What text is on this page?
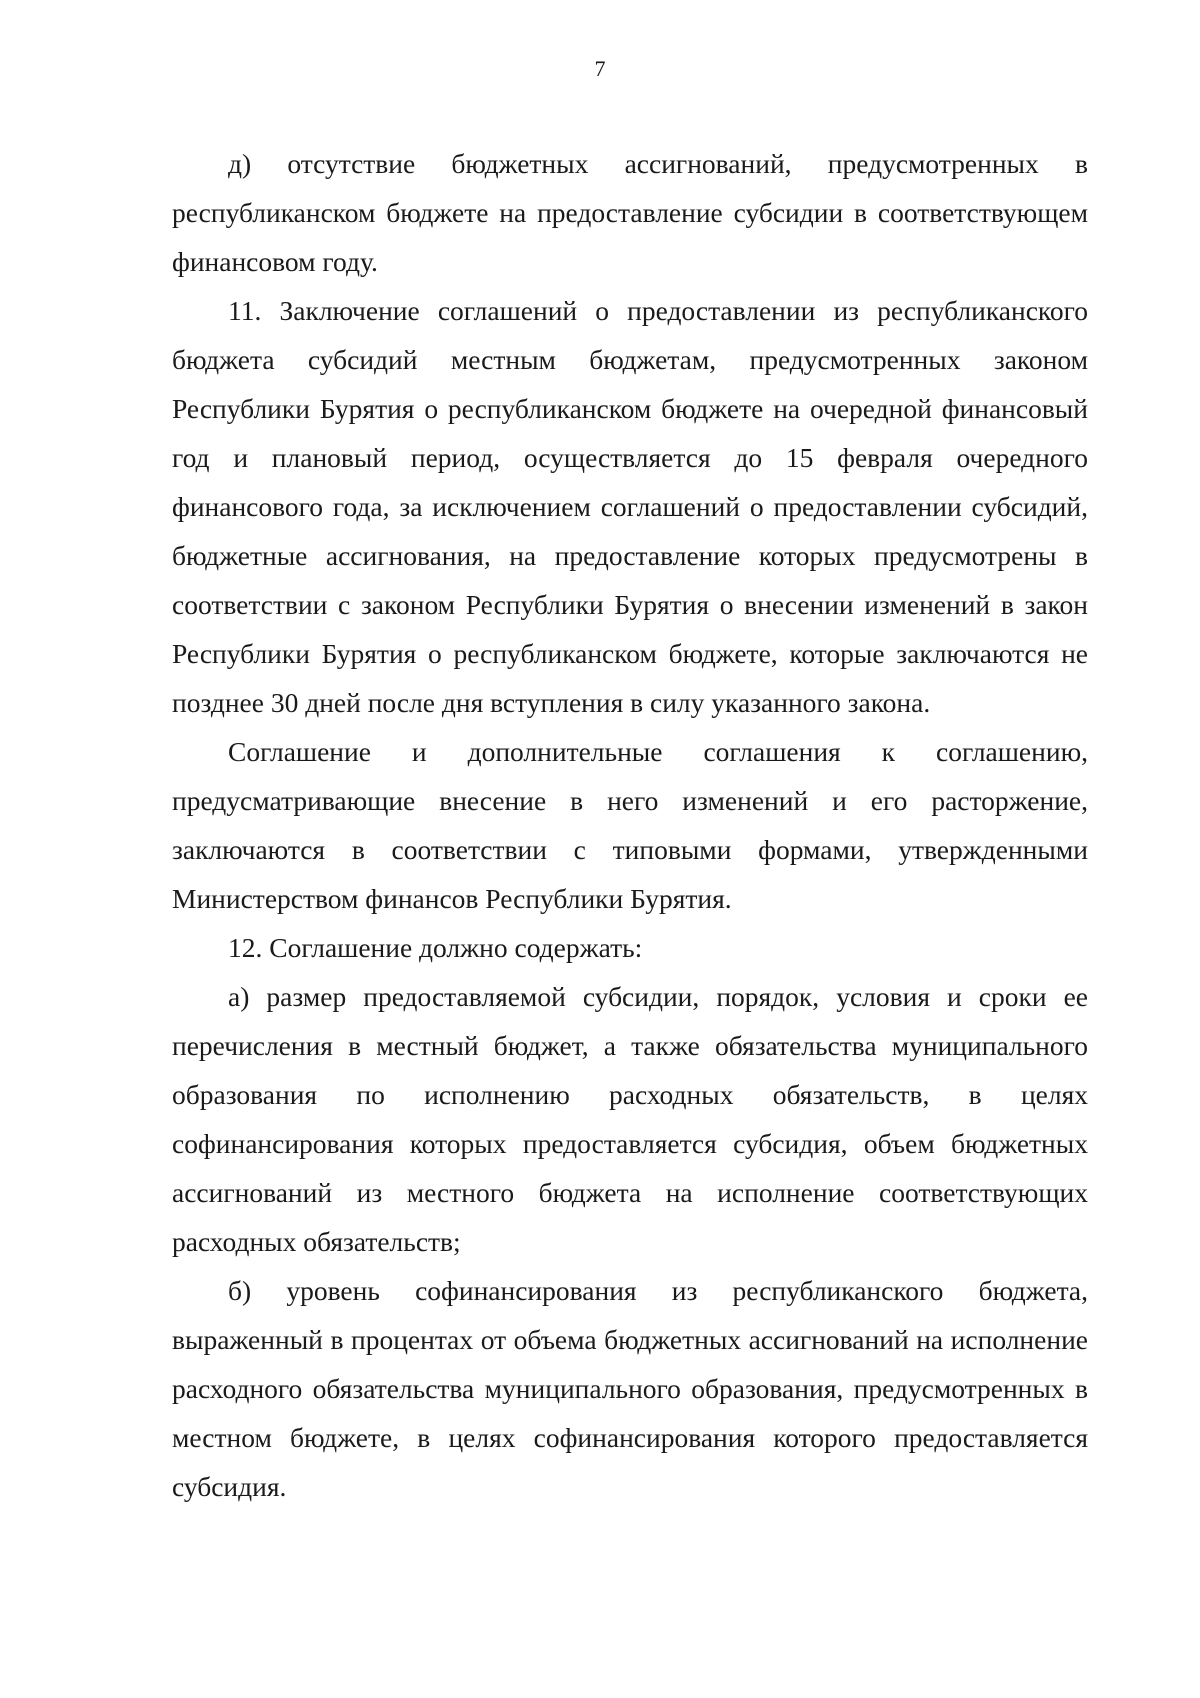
7

д) отсутствие бюджетных ассигнований, предусмотренных в республиканском бюджете на предоставление субсидии в соответствующем финансовом году.

11. Заключение соглашений о предоставлении из республиканского бюджета субсидий местным бюджетам, предусмотренных законом Республики Бурятия о республиканском бюджете на очередной финансовый год и плановый период, осуществляется до 15 февраля очередного финансового года, за исключением соглашений о предоставлении субсидий, бюджетные ассигнования, на предоставление которых предусмотрены в соответствии с законом Республики Бурятия о внесении изменений в закон Республики Бурятия о республиканском бюджете, которые заключаются не позднее 30 дней после дня вступления в силу указанного закона.

Соглашение и дополнительные соглашения к соглашению, предусматривающие внесение в него изменений и его расторжение, заключаются в соответствии с типовыми формами, утвержденными Министерством финансов Республики Бурятия.

12. Соглашение должно содержать:

а) размер предоставляемой субсидии, порядок, условия и сроки ее перечисления в местный бюджет, а также обязательства муниципального образования по исполнению расходных обязательств, в целях софинансирования которых предоставляется субсидия, объем бюджетных ассигнований из местного бюджета на исполнение соответствующих расходных обязательств;

б) уровень софинансирования из республиканского бюджета, выраженный в процентах от объема бюджетных ассигнований на исполнение расходного обязательства муниципального образования, предусмотренных в местном бюджете, в целях софинансирования которого предоставляется субсидия.
